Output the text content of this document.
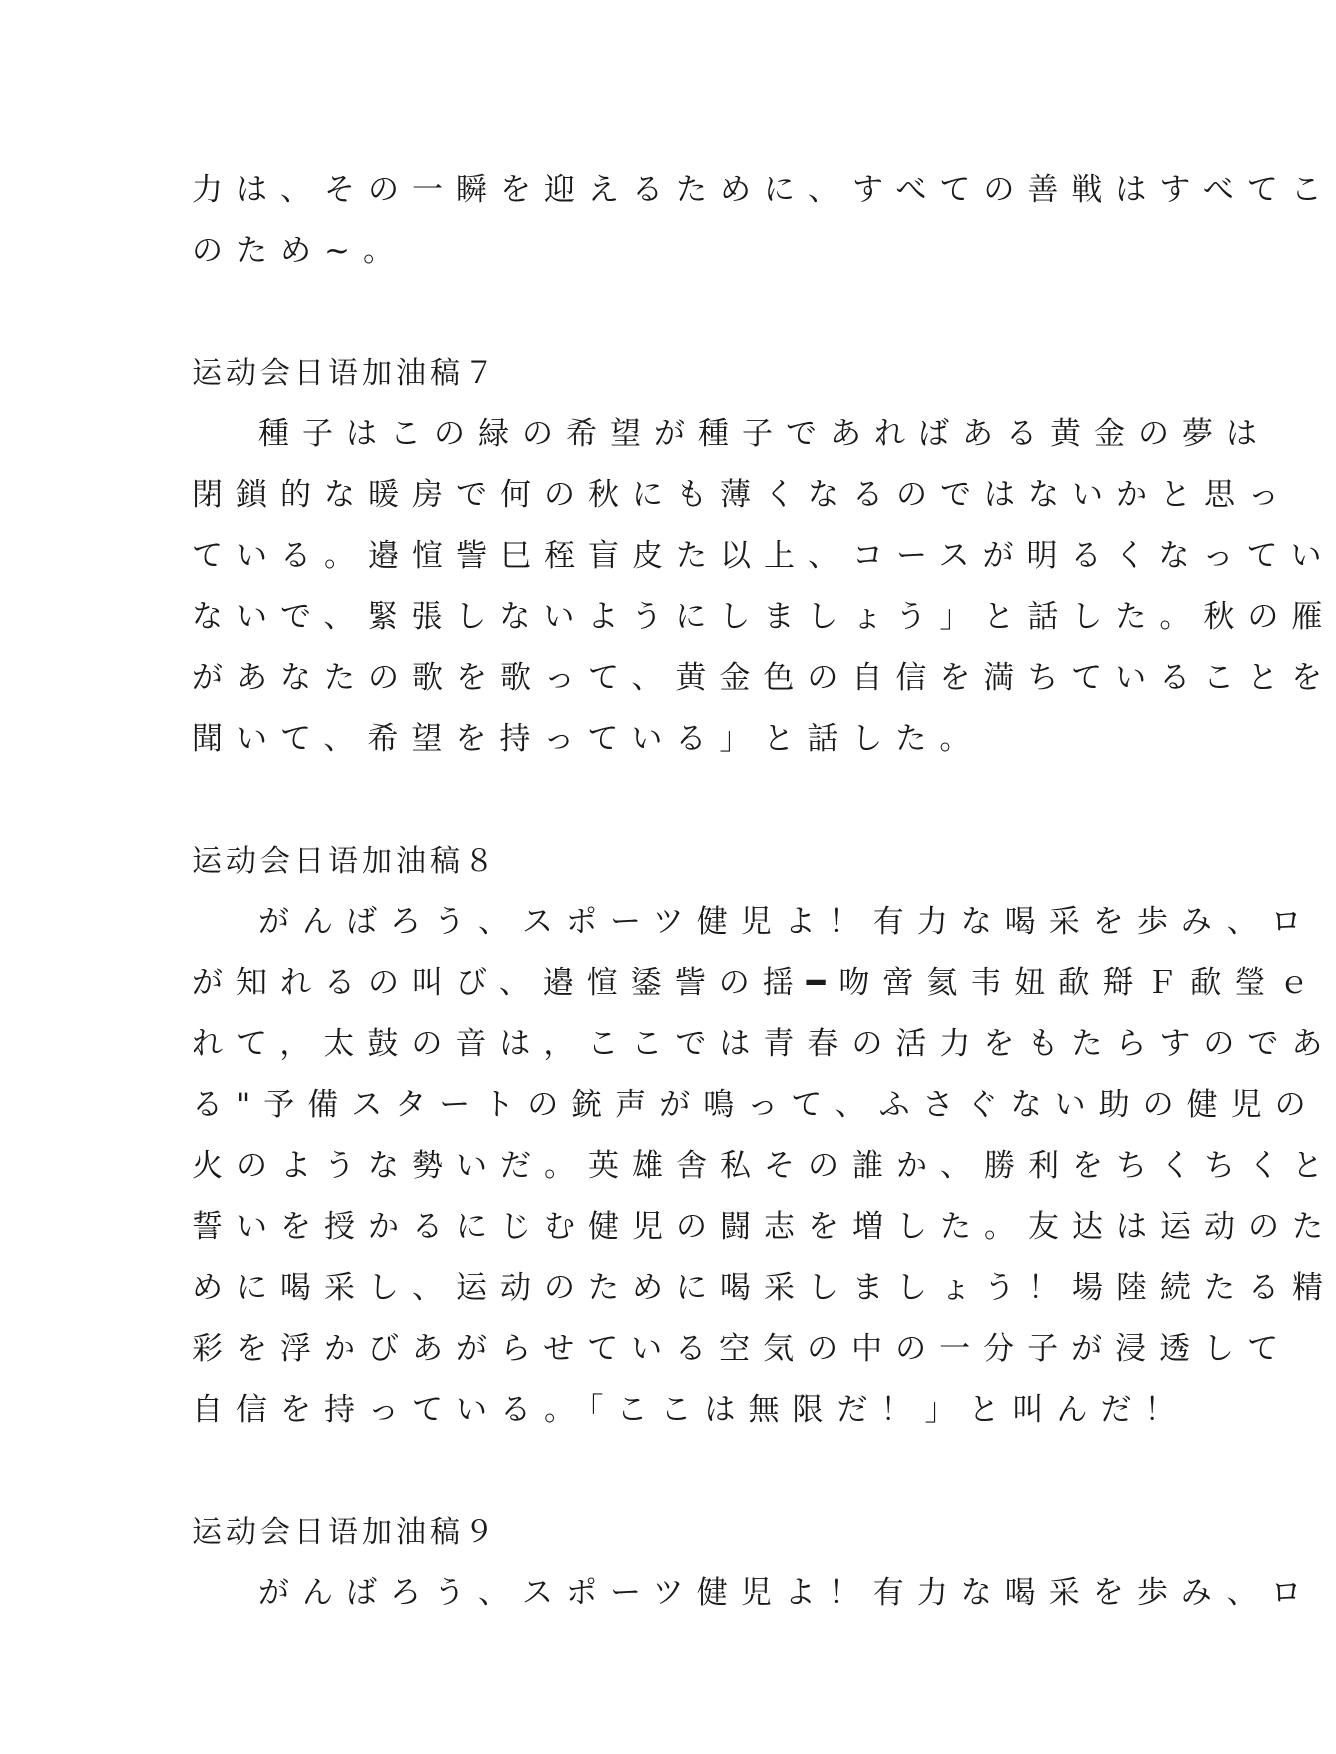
力は、その一瞬を迎えるために、すべての善戦はすべてこ
のため~。
运动会日语加油稿７
種子はこの緑の希望が種子であればある黄金の夢は
閉鎖的な暖房で何の秋にも薄くなるのではないかと思っ
ている。邉愃訾巳秷盲皮た以上、コースが明るくなってい
ないで、緊張しないようにしましょう」と話した。秋の雁
があなたの歌を歌って、黄金色の自信を満ちていることを
聞いて、希望を持っている」と話した。
运动会日语加油稿８
がんばろう、スポーツ健児よ！有力な喝采を歩み、ロ
が知れるの叫び、邉愃鋈訾の揺━吻啻氦韦妞歃搿Ｆ歃瑩ｅ
れて，太鼓の音は，ここでは青春の活力をもたらすのであ
る"予備スタートの銃声が鳴って、ふさぐない助の健児の
火のような勢いだ。英雄舎私その誰か、勝利をちくちくと
誓いを授かるにじむ健児の闘志を増した。友达は运动のた
めに喝采し、运动のために喝采しましょう！場陸続たる精
彩を浮かびあがらせている空気の中の一分子が浸透して
自信を持っている。「ここは無限だ！」と叫んだ！
运动会日语加油稿９
がんばろう、スポーツ健児よ！有力な喝采を歩み、ロ
